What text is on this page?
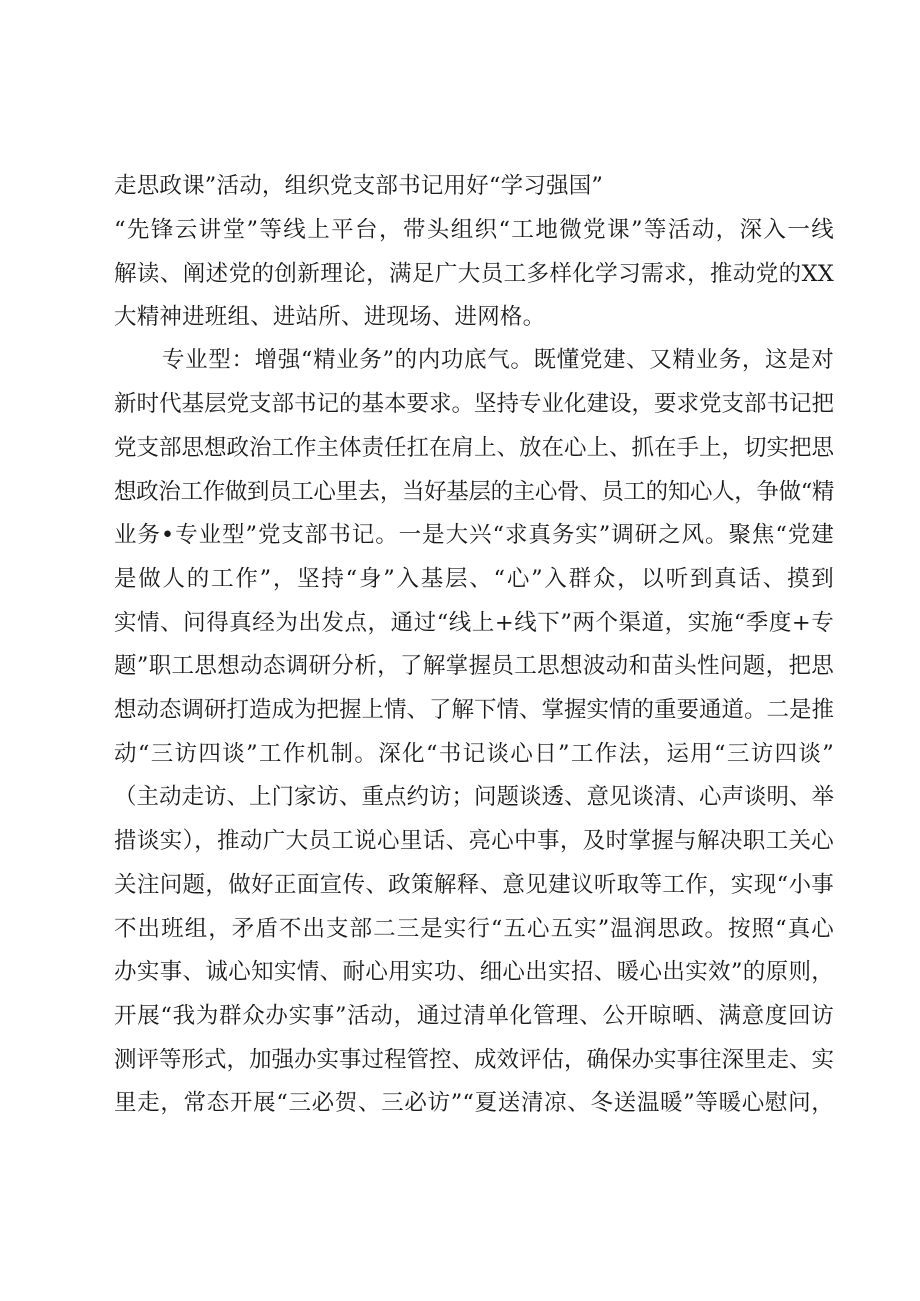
走思政课”活动，组织党支部书记用好“学习强国”
“先锋云讲堂”等线上平台，带头组织“工地微党课”等活动，深入一线
解读、阐述党的创新理论，满足广大员工多样化学习需求，推动党的XX
大精神进班组、进站所、进现场、进网格。
专业型：增强“精业务”的内功底气。既懂党建、又精业务，这是对
新时代基层党支部书记的基本要求。坚持专业化建设，要求党支部书记把
党支部思想政治工作主体责任扛在肩上、放在心上、抓在手上，切实把思
想政治工作做到员工心里去，当好基层的主心骨、员工的知心人，争做“精
业务•专业型”党支部书记。一是大兴“求真务实”调研之风。聚焦“党建
是做人的工作”，坚持“身”入基层、“心”入群众，以听到真话、摸到
实情、问得真经为出发点，通过“线上+线下”两个渠道，实施“季度+专
题”职工思想动态调研分析，了解掌握员工思想波动和苗头性问题，把思
想动态调研打造成为把握上情、了解下情、掌握实情的重要通道。二是推
动“三访四谈”工作机制。深化“书记谈心日”工作法，运用“三访四谈”
（主动走访、上门家访、重点约访；问题谈透、意见谈清、心声谈明、举
措谈实），推动广大员工说心里话、亮心中事，及时掌握与解决职工关心
关注问题，做好正面宣传、政策解释、意见建议听取等工作，实现“小事
不出班组，矛盾不出支部二三是实行“五心五实”温润思政。按照“真心
办实事、诚心知实情、耐心用实功、细心出实招、暖心出实效”的原则，
开展“我为群众办实事”活动，通过清单化管理、公开晾晒、满意度回访
测评等形式，加强办实事过程管控、成效评估，确保办实事往深里走、实
里走，常态开展“三必贺、三必访”“夏送清凉、冬送温暖”等暖心慰问，
